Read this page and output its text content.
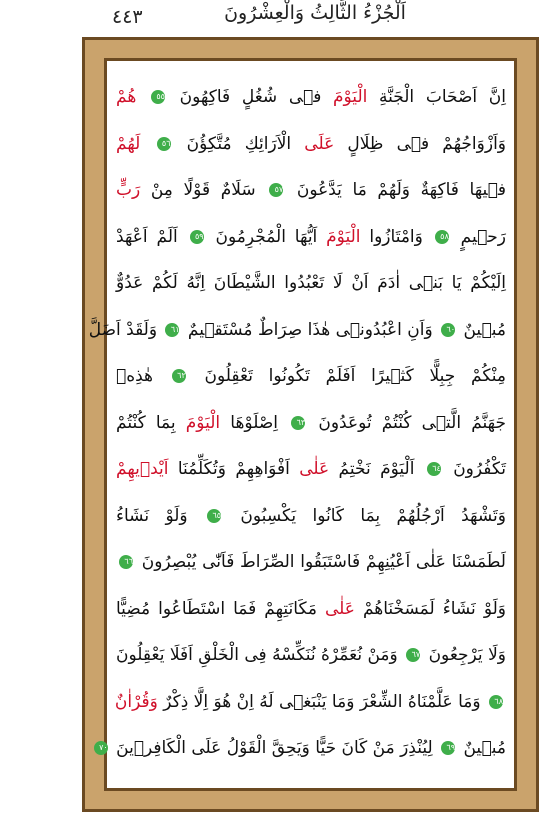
٤٤٣	اَلْجُزْءُ الثَّالِثُ وَالْعِشْرُونَ
اِنَّ اَصْحَابَ الْجَنَّةِ الْيَوْمَ فٖى شُغُلٍ فَاكِهُونَ ٥٥ هُمْ
وَاَزْوَاجُهُمْ فٖى ظِلَالٍ عَلَى الْاَرَائِكِ مُتَّكِؤُنَ ٥٦ لَهُمْ
فٖيهَا فَاكِهَةٌ وَلَهُمْ مَا يَدَّعُونَ ٥٧ سَلَامٌ قَوْلًا مِنْ رَبٍّ
رَحٖيمٍ ٥٨ وَامْتَازُوا الْيَوْمَ اَيُّهَا الْمُجْرِمُونَ ٥٩ اَلَمْ اَعْهَدْ
اِلَيْكُمْ يَا بَنٖى اٰدَمَ اَنْ لَا تَعْبُدُوا الشَّيْطَانَ اِنَّهُ لَكُمْ عَدُوٌّ
مُبٖينٌ ٦٠ وَاَنِ اعْبُدُونٖى هٰذَا صِرَاطٌ مُسْتَقٖيمٌ ٦١ وَلَقَدْ اَضَلَّ
مِنْكُمْ جِبِلًّا كَثٖيرًا اَفَلَمْ تَكُونُوا تَعْقِلُونَ ٦٢ هٰذِهٖ
جَهَنَّمُ الَّتٖى كُنْتُمْ تُوعَدُونَ ٦٣ اِصْلَوْهَا الْيَوْمَ بِمَا كُنْتُمْ
تَكْفُرُونَ ٦٤ اَلْيَوْمَ نَخْتِمُ عَلٰى اَفْوَاهِهِمْ وَتُكَلِّمُنَا اَيْدٖيهِمْ
وَتَشْهَدُ اَرْجُلُهُمْ بِمَا كَانُوا يَكْسِبُونَ ٦٥ وَلَوْ نَشَاءُ
لَطَمَسْنَا عَلٰى اَعْيُنِهِمْ فَاسْتَبَقُوا الصِّرَاطَ فَاَنّٰى يُبْصِرُونَ ٦٦
وَلَوْ نَشَاءُ لَمَسَخْنَاهُمْ عَلٰى مَكَانَتِهِمْ فَمَا اسْتَطَاعُوا مُضِيًّا
وَلَا يَرْجِعُونَ ٦٧ وَمَنْ نُعَمِّرْهُ نُنَكِّسْهُ فِى الْخَلْقِ اَفَلَا يَعْقِلُونَ
٦٨ وَمَا عَلَّمْنَاهُ الشِّعْرَ وَمَا يَنْبَغٖى لَهُ اِنْ هُوَ اِلَّا ذِكْرٌ وَقُرْاٰنٌ
مُبٖينٌ ٦٩ لِيُنْذِرَ مَنْ كَانَ حَيًّا وَيَحِقَّ الْقَوْلُ عَلَى الْكَافِرٖينَ ٧٠
